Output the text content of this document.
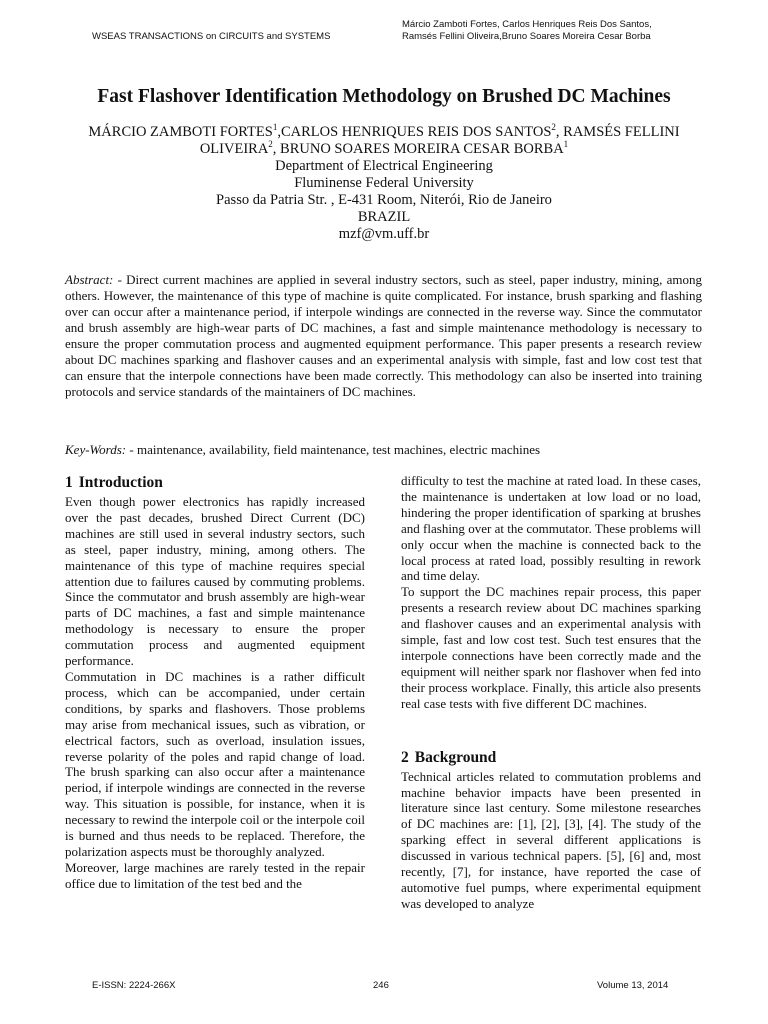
WSEAS TRANSACTIONS on CIRCUITS and SYSTEMS
Márcio Zamboti Fortes, Carlos Henriques Reis Dos Santos,
Ramsés Fellini Oliveira,Bruno Soares Moreira Cesar Borba
Fast Flashover Identification Methodology on Brushed DC Machines
MÁRCIO ZAMBOTI FORTES$^1$,CARLOS HENRIQUES REIS DOS SANTOS$^2$, RAMSÉS FELLINI
OLIVEIRA$^2$, BRUNO SOARES MOREIRA CESAR BORBA$^1$
Department of Electrical Engineering
Fluminense Federal University
Passo da Patria Str. , E-431 Room, Niterói, Rio de Janeiro
BRAZIL
mzf@vm.uff.br
Abstract: - Direct current machines are applied in several industry sectors, such as steel, paper industry, mining, among others. However, the maintenance of this type of machine is quite complicated. For instance, brush sparking and flashing over can occur after a maintenance period, if interpole windings are connected in the reverse way. Since the commutator and brush assembly are high-wear parts of DC machines, a fast and simple maintenance methodology is necessary to ensure the proper commutation process and augmented equipment performance. This paper presents a research review about DC machines sparking and flashover causes and an experimental analysis with simple, fast and low cost test that can ensure that the interpole connections have been made correctly. This methodology can also be inserted into training protocols and service standards of the maintainers of DC machines.
Key-Words: - maintenance, availability, field maintenance, test machines, electric machines
1 Introduction

Even though power electronics has rapidly increased over the past decades, brushed Direct Current (DC) machines are still used in several industry sectors, such as steel, paper industry, mining, among others. The maintenance of this type of machine requires special attention due to failures caused by commuting problems. Since the commutator and brush assembly are high-wear parts of DC machines, a fast and simple maintenance methodology is necessary to ensure the proper commutation process and augmented equipment performance.

Commutation in DC machines is a rather difficult process, which can be accompanied, under certain conditions, by sparks and flashovers. Those problems may arise from mechanical issues, such as vibration, or electrical factors, such as overload, insulation issues, reverse polarity of the poles and rapid change of load. The brush sparking can also occur after a maintenance period, if interpole windings are connected in the reverse way. This situation is possible, for instance, when it is necessary to rewind the interpole coil or the interpole coil is burned and thus needs to be replaced. Therefore, the polarization aspects must be thoroughly analyzed.

Moreover, large machines are rarely tested in the repair office due to limitation of the test bed and the

difficulty to test the machine at rated load. In these cases, the maintenance is undertaken at low load or no load, hindering the proper identification of sparking at brushes and flashing over at the commutator. These problems will only occur when the machine is connected back to the local process at rated load, possibly resulting in rework and time delay.

To support the DC machines repair process, this paper presents a research review about DC machines sparking and flashover causes and an experimental analysis with simple, fast and low cost test. Such test ensures that the interpole connections have been correctly made and the equipment will neither spark nor flashover when fed into their process workplace. Finally, this article also presents real case tests with five different DC machines.

2 Background

Technical articles related to commutation problems and machine behavior impacts have been presented in literature since last century. Some milestone researches of DC machines are: [1], [2], [3], [4]. The study of the sparking effect in several different applications is discussed in various technical papers. [5], [6] and, most recently, [7], for instance, have reported the case of automotive fuel pumps, where experimental equipment was developed to analyze

E-ISSN: 2224-266X	246	Volume 13, 2014
